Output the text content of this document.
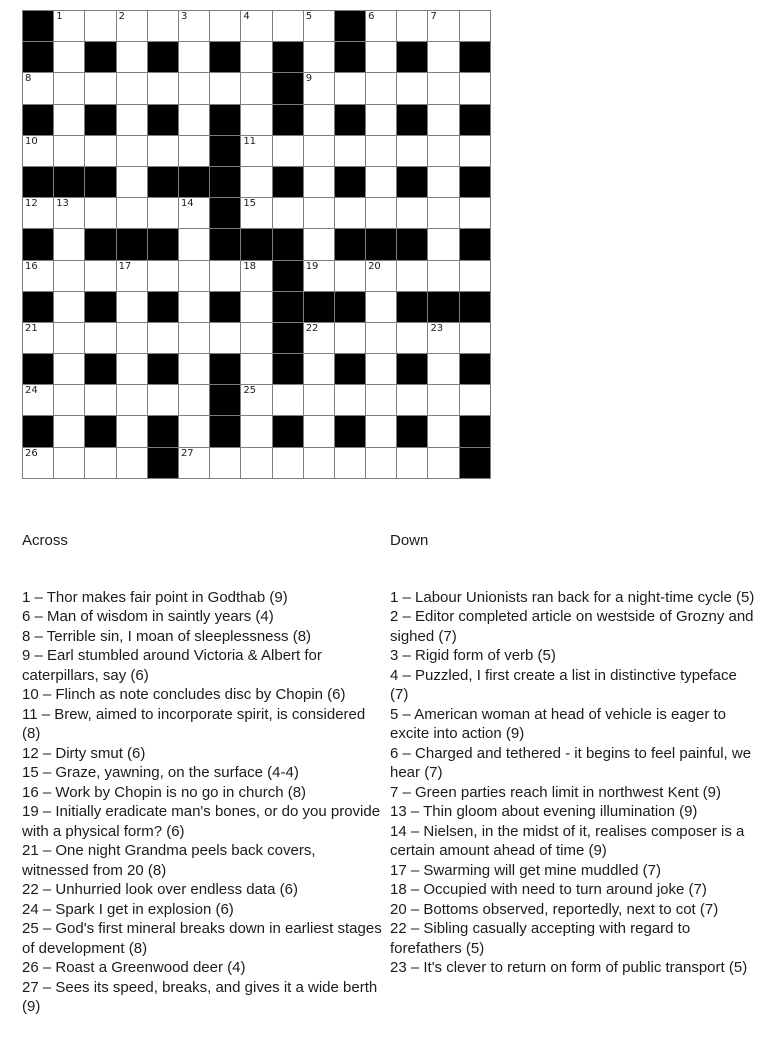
1	2	3	4	5	6	7
8	9
10	11
12 13	14	15
16	17	18	19	20
21	22	23
24	25
26	27

Across

1 – Thor makes fair point in Godthab (9)
6 – Man of wisdom in saintly years (4)
8 – Terrible sin, I moan of sleeplessness (8)
9 – Earl stumbled around Victoria & Albert for caterpillars, say (6)
10 – Flinch as note concludes disc by Chopin (6)
11 – Brew, aimed to incorporate spirit, is considered (8)
12 – Dirty smut (6)
15 – Graze, yawning, on the surface (4-4)
16 – Work by Chopin is no go in church (8)
19 – Initially eradicate man's bones, or do you provide with a physical form? (6)
21 – One night Grandma peels back covers, witnessed from 20 (8)
22 – Unhurried look over endless data (6)
24 – Spark I get in explosion (6)
25 – God's first mineral breaks down in earliest stages of development (8)
26 – Roast a Greenwood deer (4)
27 – Sees its speed, breaks, and gives it a wide berth (9)

Down

1 – Labour Unionists ran back for a night-time cycle (5)
2 – Editor completed article on westside of Grozny and sighed (7)
3 – Rigid form of verb (5)
4 – Puzzled, I first create a list in distinctive typeface (7)
5 – American woman at head of vehicle is eager to excite into action (9)
6 – Charged and tethered - it begins to feel painful, we hear (7)
7 – Green parties reach limit in northwest Kent (9)
13 – Thin gloom about evening illumination (9)
14 – Nielsen, in the midst of it, realises composer is a certain amount ahead of time (9)
17 – Swarming will get mine muddled (7)
18 – Occupied with need to turn around joke (7)
20 – Bottoms observed, reportedly, next to cot (7)
22 – Sibling casually accepting with regard to forefathers (5)
23 – It's clever to return on form of public transport (5)
